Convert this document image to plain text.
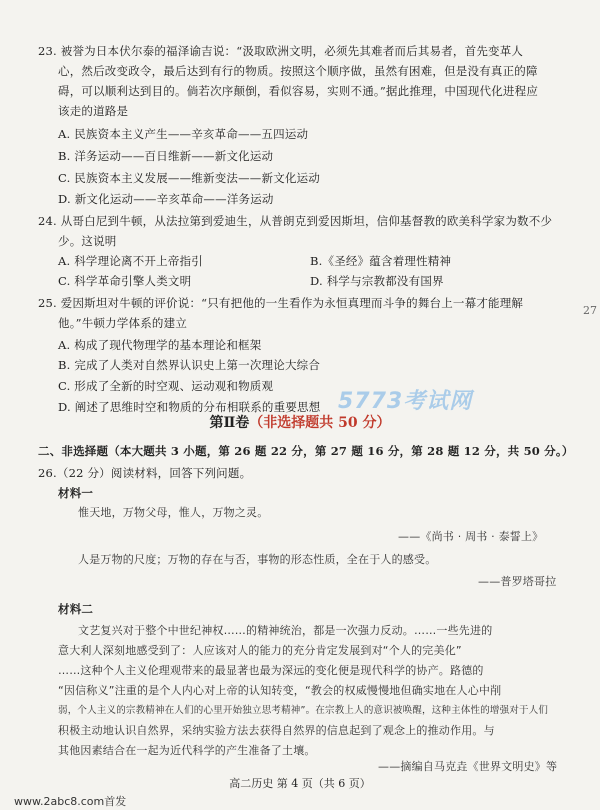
23. 被誉为日本伏尔泰的福泽谕吉说：“汲取欧洲文明，必须先其难者而后其易者，首先变革人
心，然后改变政令，最后达到有行的物质。按照这个顺序做，虽然有困难，但是没有真正的障
碍，可以顺利达到目的。倘若次序颠倒，看似容易，实则不通。”据此推理，中国现代化进程应
该走的道路是
A. 民族资本主义产生——辛亥革命——五四运动
B. 洋务运动——百日维新——新文化运动
C. 民族资本主义发展——维新变法——新文化运动
D. 新文化运动——辛亥革命——洋务运动
24. 从哥白尼到牛顿，从法拉第到爱迪生，从普朗克到爱因斯坦，信仰基督教的欧美科学家为数不少
少。这说明
A. 科学理论离不开上帝指引	B.《圣经》蕴含着理性精神
C. 科学革命引擎人类文明	D. 科学与宗教都没有国界
25. 爱因斯坦对牛顿的评价说：“只有把他的一生看作为永恒真理而斗争的舞台上一幕才能理解
他。”牛顿力学体系的建立
A. 构成了现代物理学的基本理论和框架
B. 完成了人类对自然界认识史上第一次理论大综合
C. 形成了全新的时空观、运动观和物质观
D. 阐述了思维时空和物质的分布相联系的重要思想 5773考试网
第Ⅱ卷（非选择题共 50 分）
二、非选择题（本大题共 3 小题，第 26 题 22 分，第 27 题 16 分，第 28 题 12 分，共 50 分。）
26.（22 分）阅读材料，回答下列问题。
材料一
惟天地，万物父母，惟人，万物之灵。
——《尚书 · 周书 · 泰誓上》
人是万物的尺度；万物的存在与否，事物的形态性质，全在于人的感受。
——普罗塔哥拉
材料二
文艺复兴对于整个中世纪神权……的精神统治，都是一次强力反动。……一些先进的
意大利人深刻地感受到了：人应该对人的能力的充分肯定发展到对“个人的完美化”
……这种个人主义伦理观带来的最显著也最为深远的变化便是现代科学的协产。路德的
“因信称义”注重的是个人内心对上帝的认知转变，“教会的权威慢慢地但确实地在人心中削
弱，个人主义的宗教精神在人们的心里开始独立思考精神”。在宗教上人的意识被唤醒，这种主体性的增强对于人们
积极主动地认识自然界，采纳实验方法去获得自然界的信息起到了观念上的推动作用。与
其他因素结合在一起为近代科学的产生准备了土壤。
——摘编自马克垚《世界文明史》等
27
高二历史 第 4 页（共 6 页）
www.2abc8.com首发
